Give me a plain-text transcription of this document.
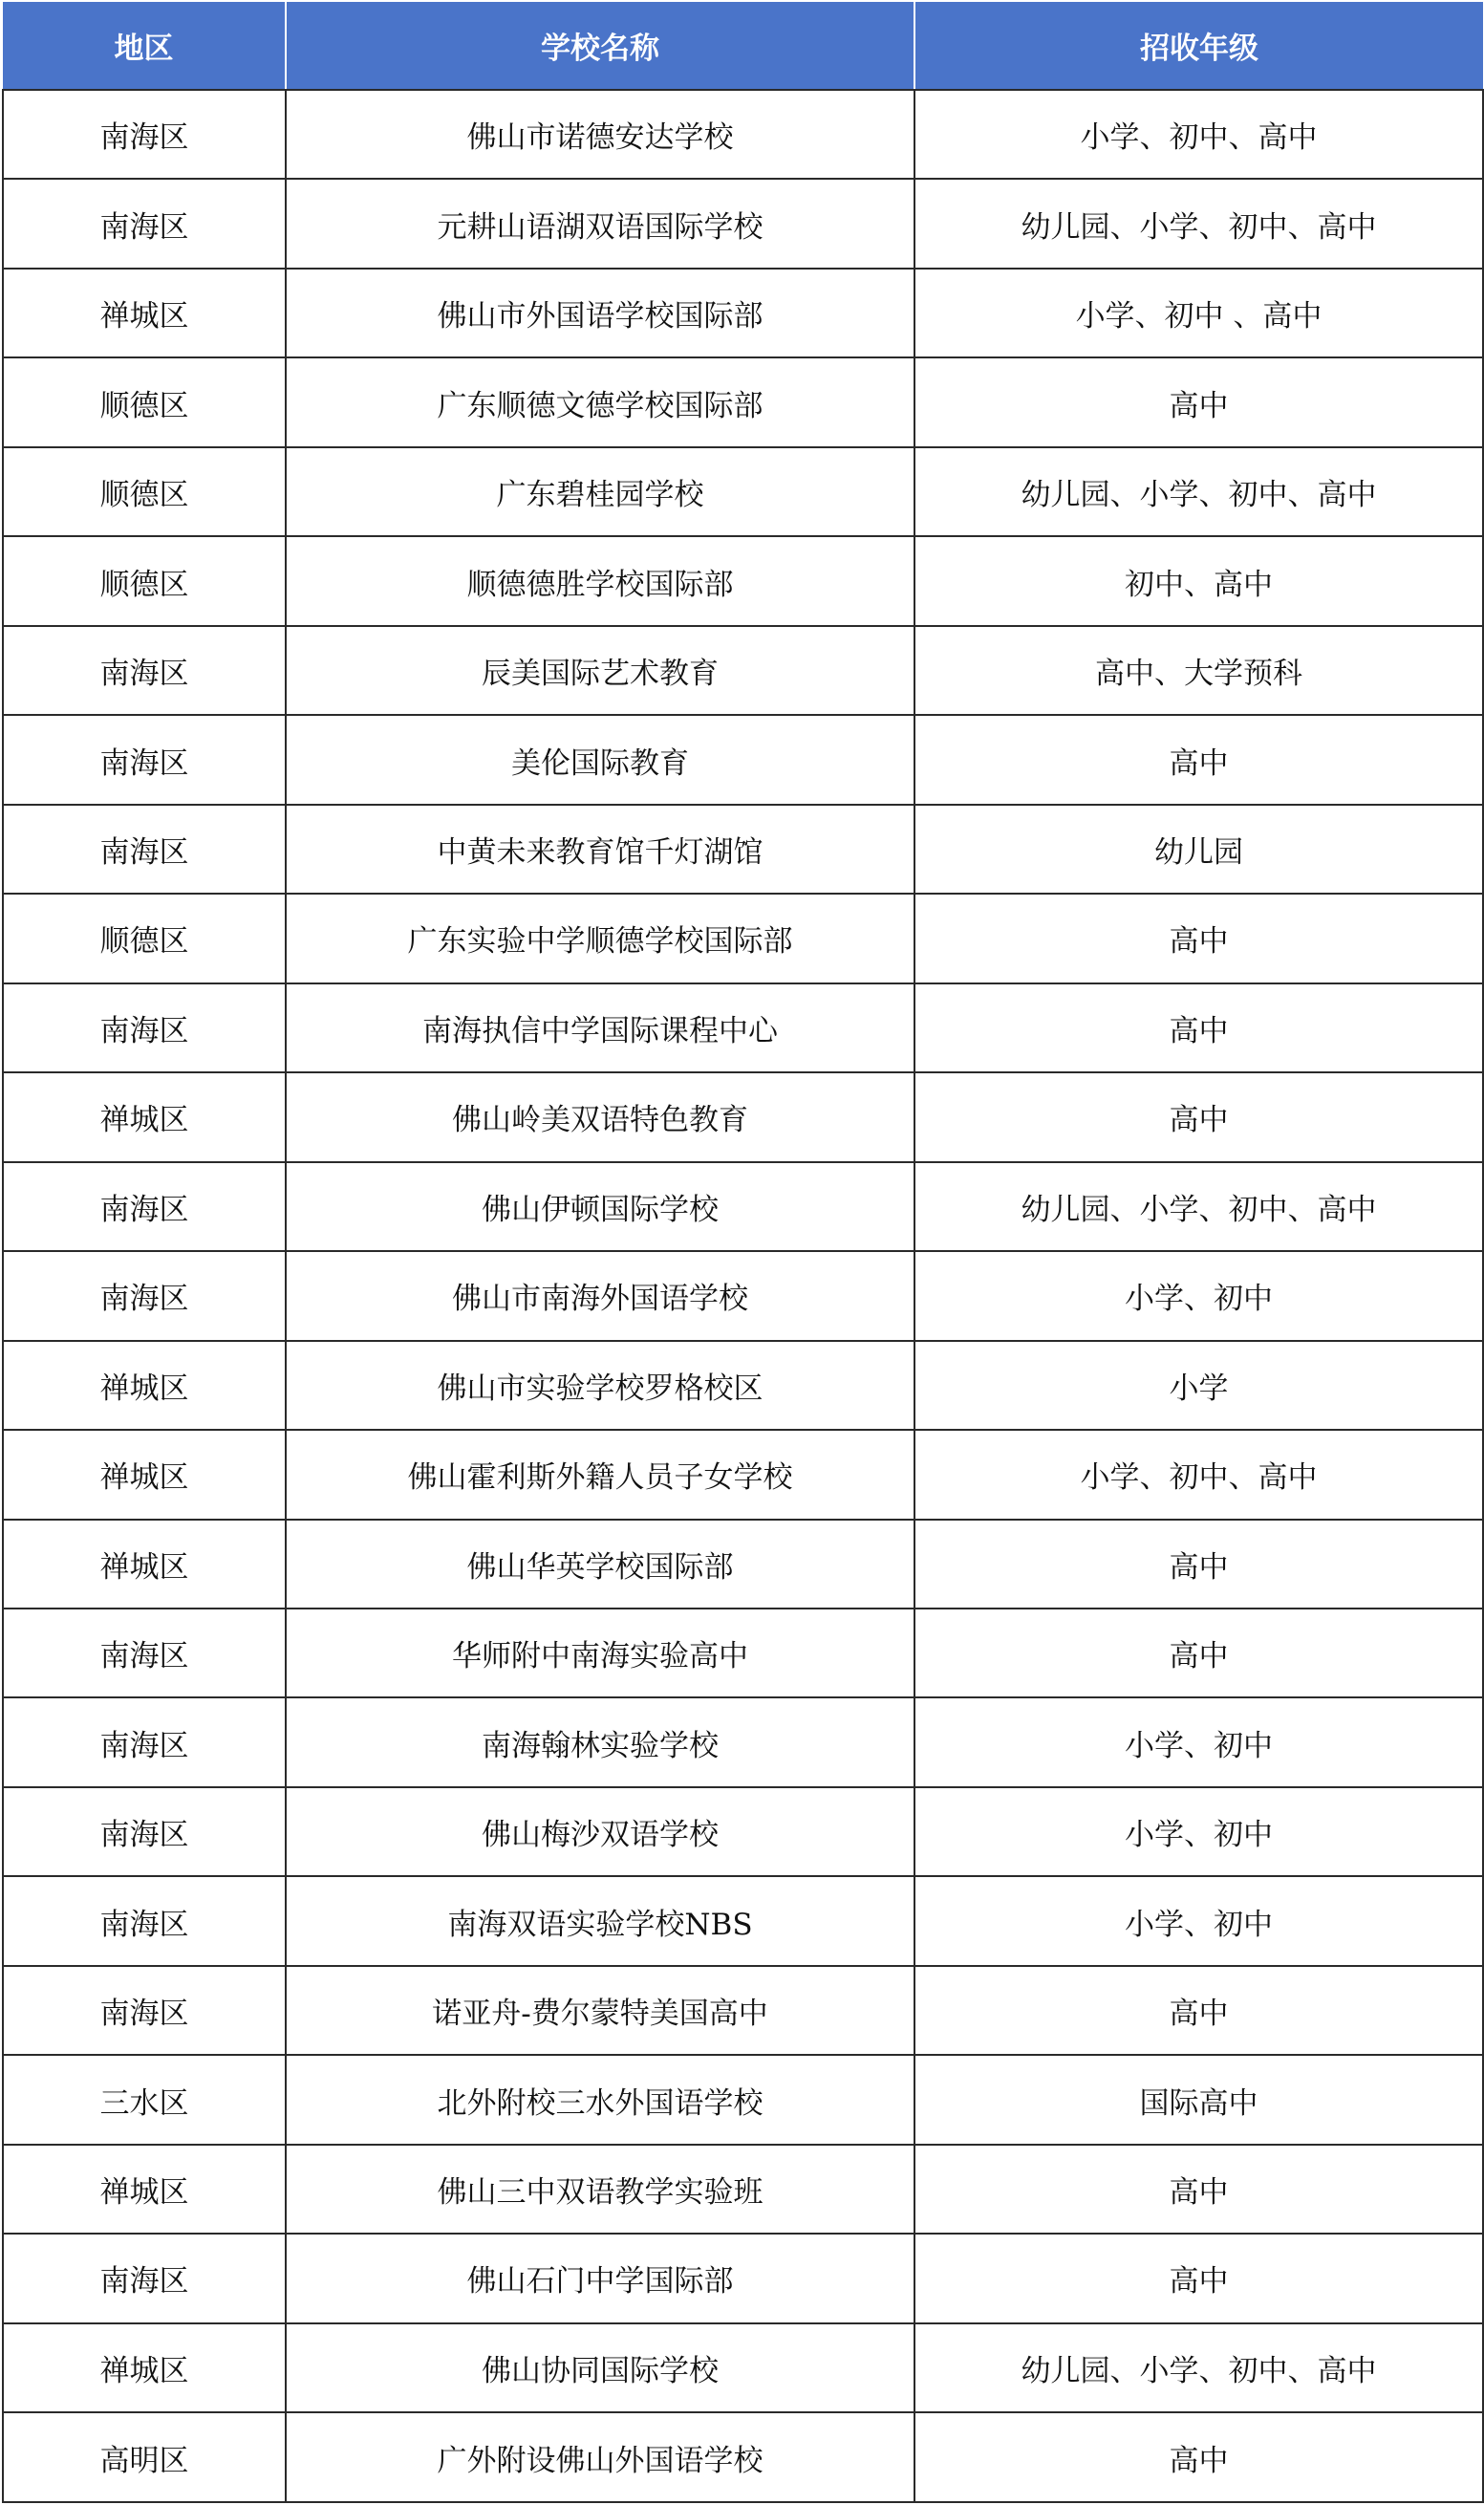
地区	学校名称	招收年级
南海区	佛山市诺德安达学校	小学、初中、高中
南海区	元耕山语湖双语国际学校	幼儿园、小学、初中、高中
禅城区	佛山市外国语学校国际部	小学、初中 、高中
顺德区	广东顺德文德学校国际部	高中
顺德区	广东碧桂园学校	幼儿园、小学、初中、高中
顺德区	顺德德胜学校国际部	初中、高中
南海区	辰美国际艺术教育	高中、大学预科
南海区	美伦国际教育	高中
南海区	中黄未来教育馆千灯湖馆	幼儿园
顺德区	广东实验中学顺德学校国际部	高中
南海区	南海执信中学国际课程中心	高中
禅城区	佛山岭美双语特色教育	高中
南海区	佛山伊顿国际学校	幼儿园、小学、初中、高中
南海区	佛山市南海外国语学校	小学、初中
禅城区	佛山市实验学校罗格校区	小学
禅城区	佛山霍利斯外籍人员子女学校	小学、初中、高中
禅城区	佛山华英学校国际部	高中
南海区	华师附中南海实验高中	高中
南海区	南海翰林实验学校	小学、初中
南海区	佛山梅沙双语学校	小学、初中
南海区	南海双语实验学校NBS	小学、初中
南海区	诺亚舟-费尔蒙特美国高中	高中
三水区	北外附校三水外国语学校	国际高中
禅城区	佛山三中双语教学实验班	高中
南海区	佛山石门中学国际部	高中
禅城区	佛山协同国际学校	幼儿园、小学、初中、高中
高明区	广外附设佛山外国语学校	高中
